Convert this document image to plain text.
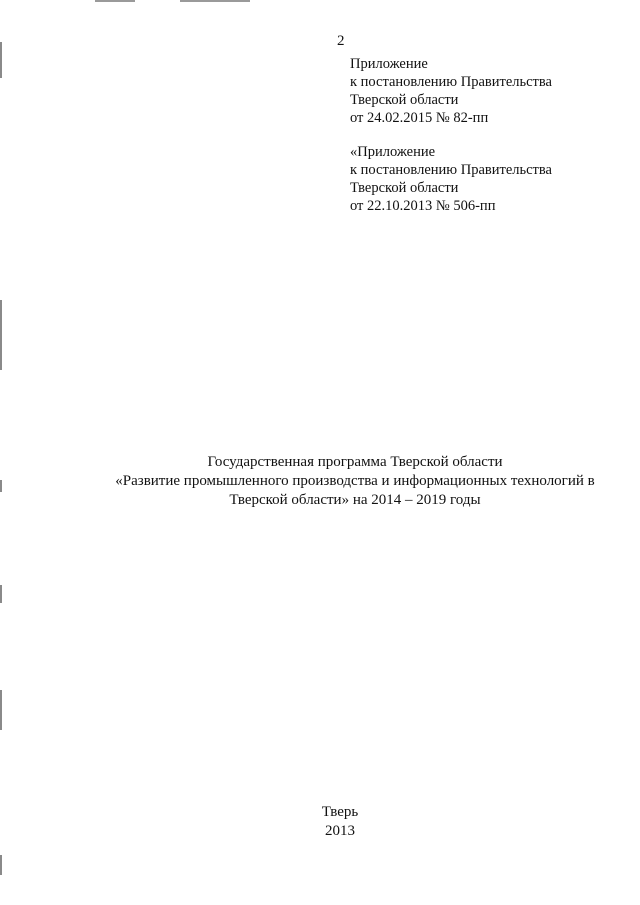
2
Приложение
к постановлению Правительства
Тверской области
от 24.02.2015 № 82-пп
«Приложение
к постановлению Правительства
Тверской области
от 22.10.2013 № 506-пп
Государственная программа Тверской области
«Развитие промышленного производства и информационных технологий в
Тверской области» на 2014 – 2019 годы
Тверь
2013
